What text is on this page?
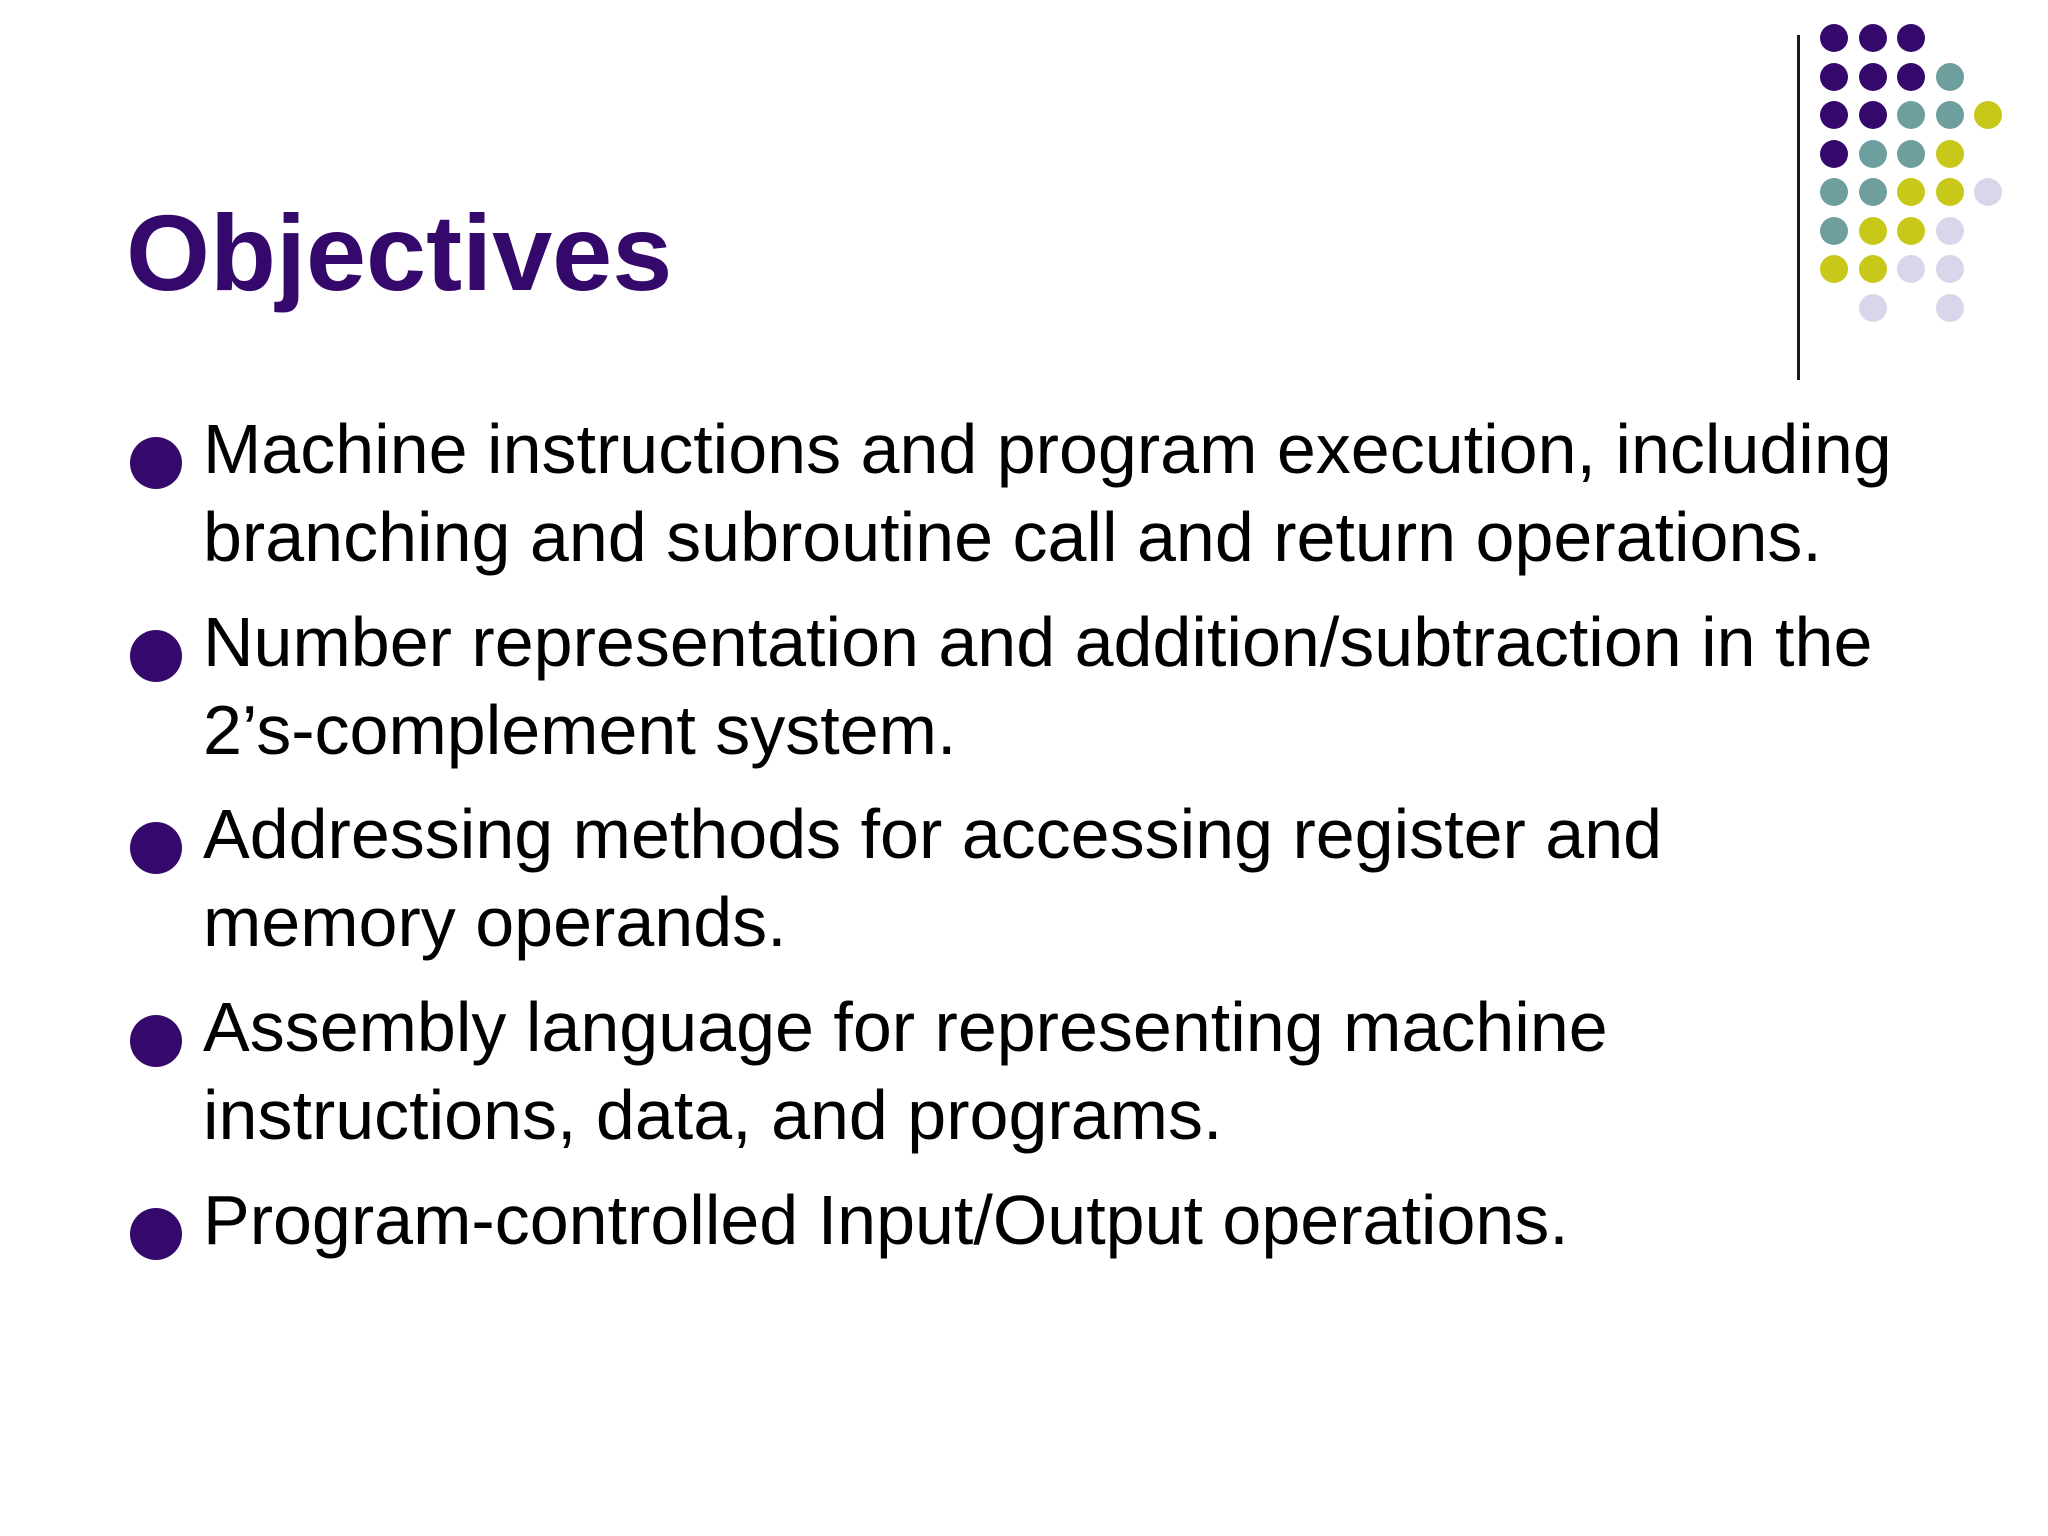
Objectives
Machine instructions and program execution, including branching and subroutine call and return operations.
Number representation and addition/subtraction in the 2’s-complement system.
Addressing methods for accessing register and memory operands.
Assembly language for representing machine instructions, data, and programs.
Program-controlled Input/Output operations.
